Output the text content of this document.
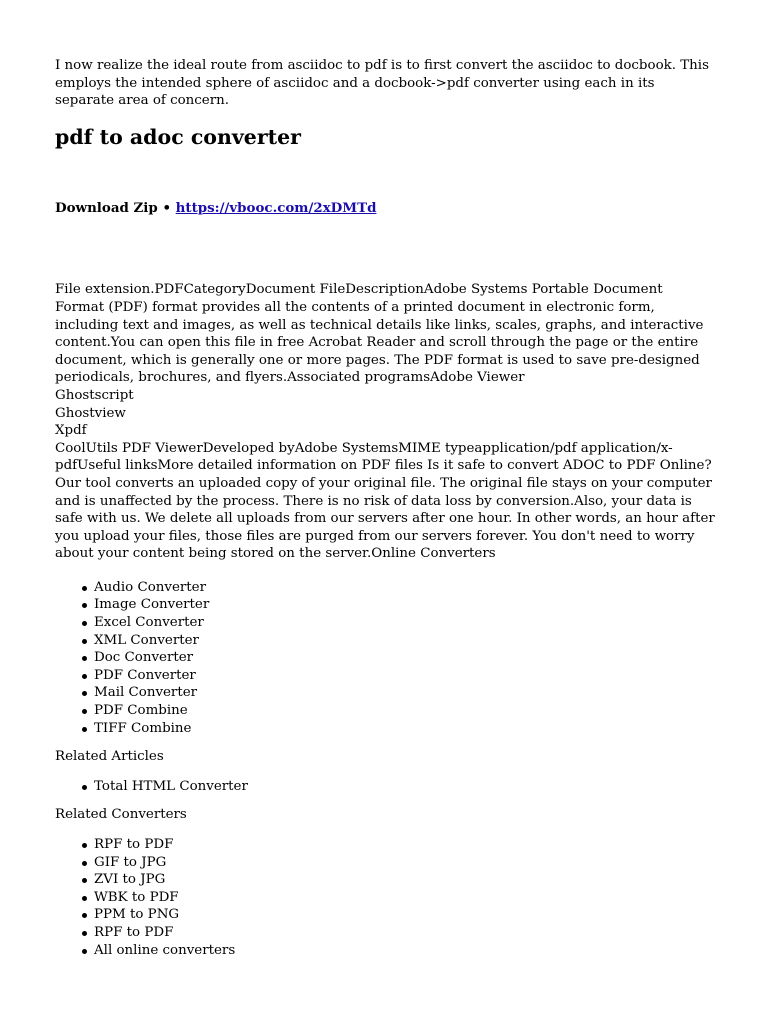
I now realize the ideal route from asciidoc to pdf is to first convert the asciidoc to docbook. This employs the intended sphere of asciidoc and a docbook->pdf converter using each in its separate area of concern.

pdf to adoc converter

Download Zip • https://vbooc.com/2xDMTd

File extension.PDFCategoryDocument FileDescriptionAdobe Systems Portable Document Format (PDF) format provides all the contents of a printed document in electronic form, including text and images, as well as technical details like links, scales, graphs, and interactive content.You can open this file in free Acrobat Reader and scroll through the page or the entire document, which is generally one or more pages. The PDF format is used to save pre-designed periodicals, brochures, and flyers.Associated programsAdobe Viewer
Ghostscript
Ghostview
Xpdf
CoolUtils PDF ViewerDeveloped byAdobe SystemsMIME typeapplication/pdf application/x-pdfUseful linksMore detailed information on PDF files Is it safe to convert ADOC to PDF Online?Our tool converts an uploaded copy of your original file. The original file stays on your computer and is unaffected by the process. There is no risk of data loss by conversion.Also, your data is safe with us. We delete all uploads from our servers after one hour. In other words, an hour after you upload your files, those files are purged from our servers forever. You don't need to worry about your content being stored on the server.Online Converters
Audio Converter
Image Converter
Excel Converter
XML Converter
Doc Converter
PDF Converter
Mail Converter
PDF Combine
TIFF Combine

Related Articles

Total HTML Converter

Related Converters

RPF to PDF
GIF to JPG
ZVI to JPG
WBK to PDF
PPM to PNG
RPF to PDF
All online converters
